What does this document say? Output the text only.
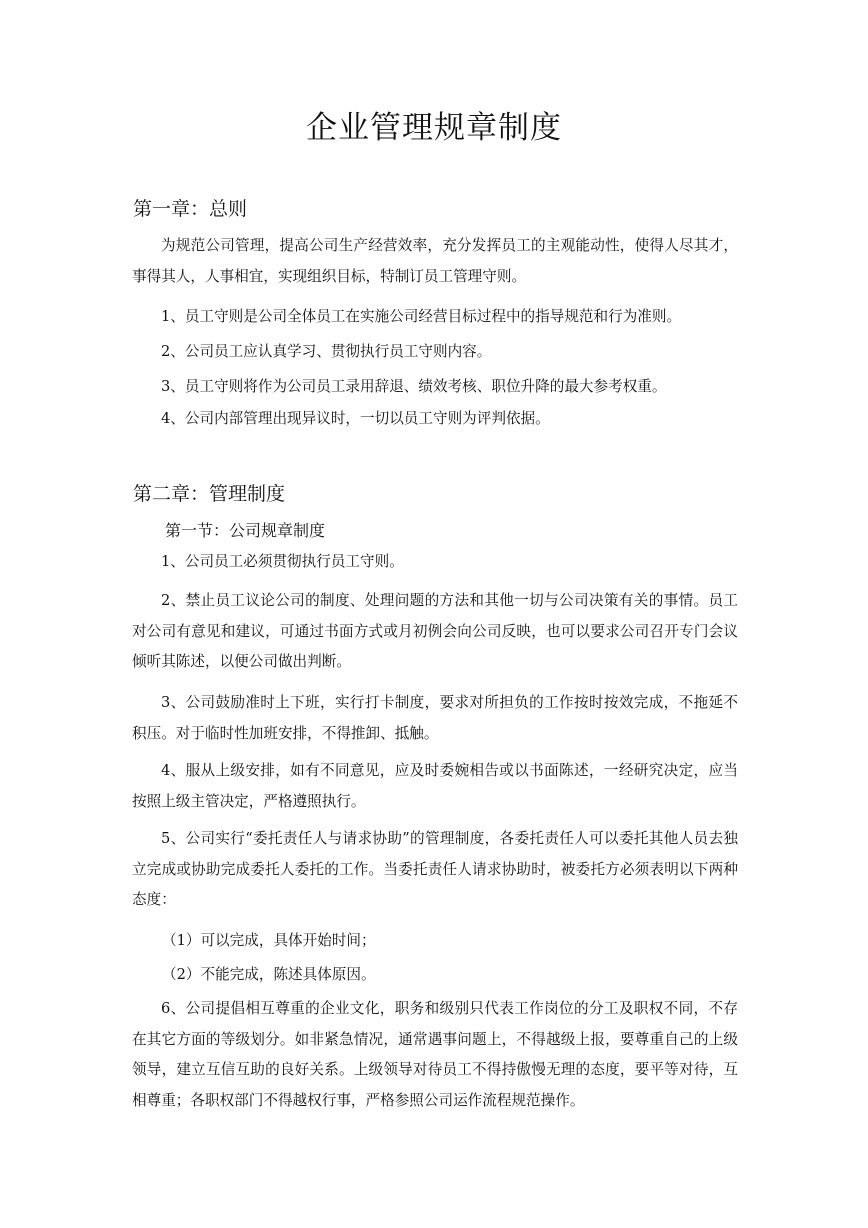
企业管理规章制度
第一章：总则

为规范公司管理，提高公司生产经营效率，充分发挥员工的主观能动性，使得人尽其才，事得其人，人事相宜，实现组织目标，特制订员工管理守则。

1、员工守则是公司全体员工在实施公司经营目标过程中的指导规范和行为准则。

2、公司员工应认真学习、贯彻执行员工守则内容。

3、员工守则将作为公司员工录用辞退、绩效考核、职位升降的最大参考权重。

4、公司内部管理出现异议时，一切以员工守则为评判依据。

第二章：管理制度
第一节：公司规章制度

1、公司员工必须贯彻执行员工守则。

2、禁止员工议论公司的制度、处理问题的方法和其他一切与公司决策有关的事情。员工对公司有意见和建议，可通过书面方式或月初例会向公司反映，也可以要求公司召开专门会议倾听其陈述，以便公司做出判断。

3、公司鼓励准时上下班，实行打卡制度，要求对所担负的工作按时按效完成，不拖延不积压。对于临时性加班安排，不得推卸、抵触。

4、服从上级安排，如有不同意见，应及时委婉相告或以书面陈述，一经研究决定，应当按照上级主管决定，严格遵照执行。

5、公司实行“委托责任人与请求协助”的管理制度，各委托责任人可以委托其他人员去独立完成或协助完成委托人委托的工作。当委托责任人请求协助时，被委托方必须表明以下两种态度：

（1）可以完成，具体开始时间；

（2）不能完成，陈述具体原因。

6、公司提倡相互尊重的企业文化，职务和级别只代表工作岗位的分工及职权不同，不存在其它方面的等级划分。如非紧急情况，通常遇事问题上，不得越级上报，要尊重自己的上级领导，建立互信互助的良好关系。上级领导对待员工不得持傲慢无理的态度，要平等对待，互相尊重；各职权部门不得越权行事，严格参照公司运作流程规范操作。
